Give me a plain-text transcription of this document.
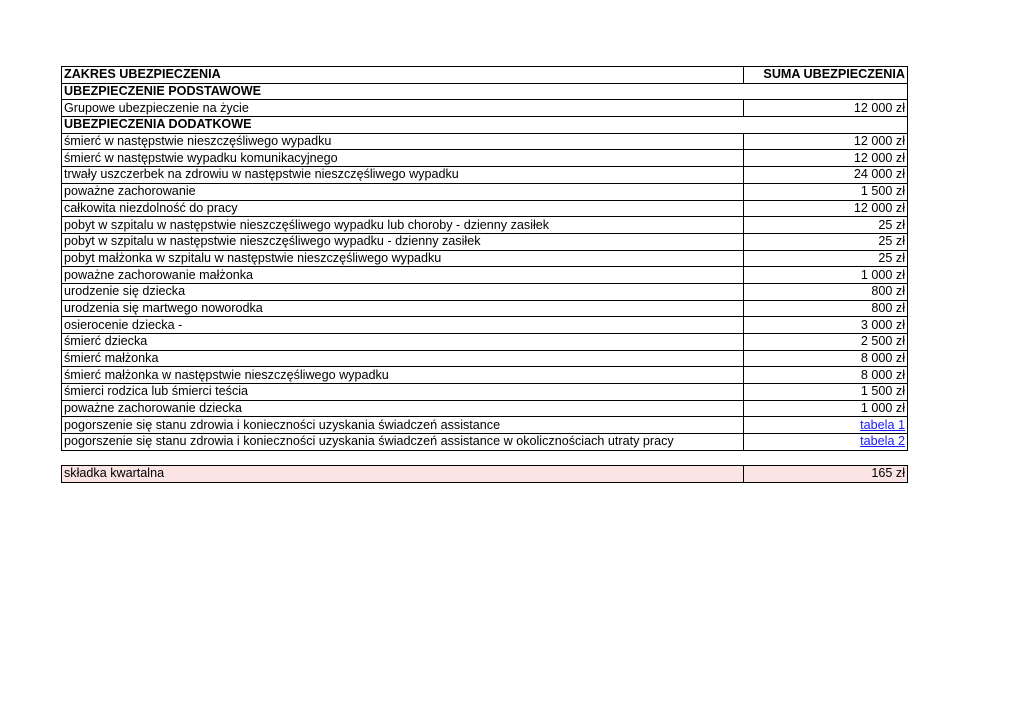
ZAKRES UBEZPIECZENIA	SUMA UBEZPIECZENIA
UBEZPIECZENIE PODSTAWOWE	
Grupowe ubezpieczenie na życie	12 000 zł
UBEZPIECZENIA DODATKOWE	
śmierć w następstwie nieszczęśliwego wypadku	12 000 zł
śmierć w następstwie wypadku komunikacyjnego	12 000 zł
trwały uszczerbek na zdrowiu w następstwie nieszczęśliwego wypadku	24 000 zł
poważne zachorowanie	1 500 zł
całkowita niezdolność do pracy	12 000 zł
pobyt w szpitalu w następstwie nieszczęśliwego wypadku lub choroby - dzienny zasiłek	25 zł
pobyt w szpitalu w następstwie nieszczęśliwego wypadku - dzienny zasiłek	25 zł
pobyt małżonka w szpitalu w następstwie nieszczęśliwego wypadku	25 zł
poważne zachorowanie małżonka	1 000 zł
urodzenie się dziecka	800 zł
urodzenia się martwego noworodka	800 zł
osierocenie dziecka -	3 000 zł
śmierć dziecka	2 500 zł
śmierć małżonka	8 000 zł
śmierć małżonka w następstwie nieszczęśliwego wypadku	8 000 zł
śmierci rodzica lub śmierci teścia	1 500 zł
poważne zachorowanie dziecka	1 000 zł
pogorszenie się stanu zdrowia i konieczności uzyskania świadczeń assistance	tabela 1
pogorszenie się stanu zdrowia i konieczności uzyskania świadczeń assistance w okolicznościach utraty pracy	tabela 2
składka kwartalna	165 zł
